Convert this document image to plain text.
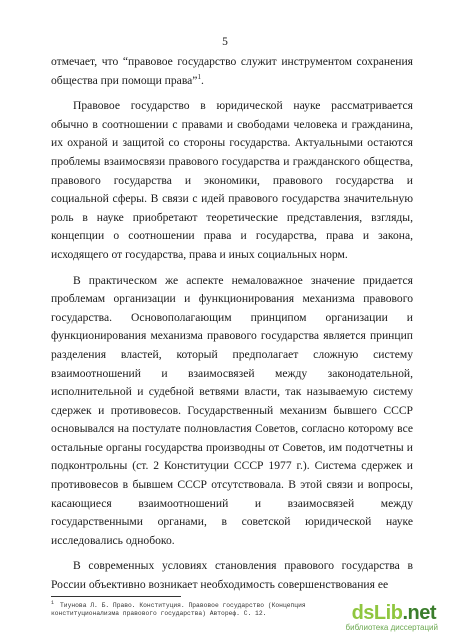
5

отмечает, что “правовое государство служит инструментом сохранения общества при помощи права”$^1$.

Правовое государство в юридической науке рассматривается обычно в соотношении с правами и свободами человека и гражданина, их охраной и защитой со стороны государства. Актуальными остаются проблемы взаимосвязи правового государства и гражданского общества, правового государства и экономики, правового государства и социальной сферы. В связи с идей правового государства значительную роль в науке приобретают теоретические представления, взгляды, концепции о соотношении права и государства, права и закона, исходящего от государства, права и иных социальных норм.

В практическом же аспекте немаловажное значение придается проблемам организации и функционирования механизма правового государства. Основополагающим принципом организации и функционирования механизма правового государства является принцип разделения властей, который предполагает сложную систему взаимоотношений и взаимосвязей между законодательной, исполнительной и судебной ветвями власти, так называемую систему сдержек и противовесов. Государственный механизм бывшего СССР основывался на постулате полновластия Советов, согласно которому все остальные органы государства производны от Советов, им подотчетны и подконтрольны (ст. 2 Конституции СССР 1977 г.). Система сдержек и противовесов в бывшем СССР отсутствовала. В этой связи и вопросы, касающиеся взаимоотношений и взаимосвязей между государственными органами, в советской юридической науке исследовались однобоко.

В современных условиях становления правового государства в России объективно возникает необходимость совершенствования ее

$^1$ Тиунова Л. Б. Право. Конституция. Правовое государство (Концепция конституционализма правового государства) Автореф. С. 12.	dsLib.net
библиотека диссертаций
